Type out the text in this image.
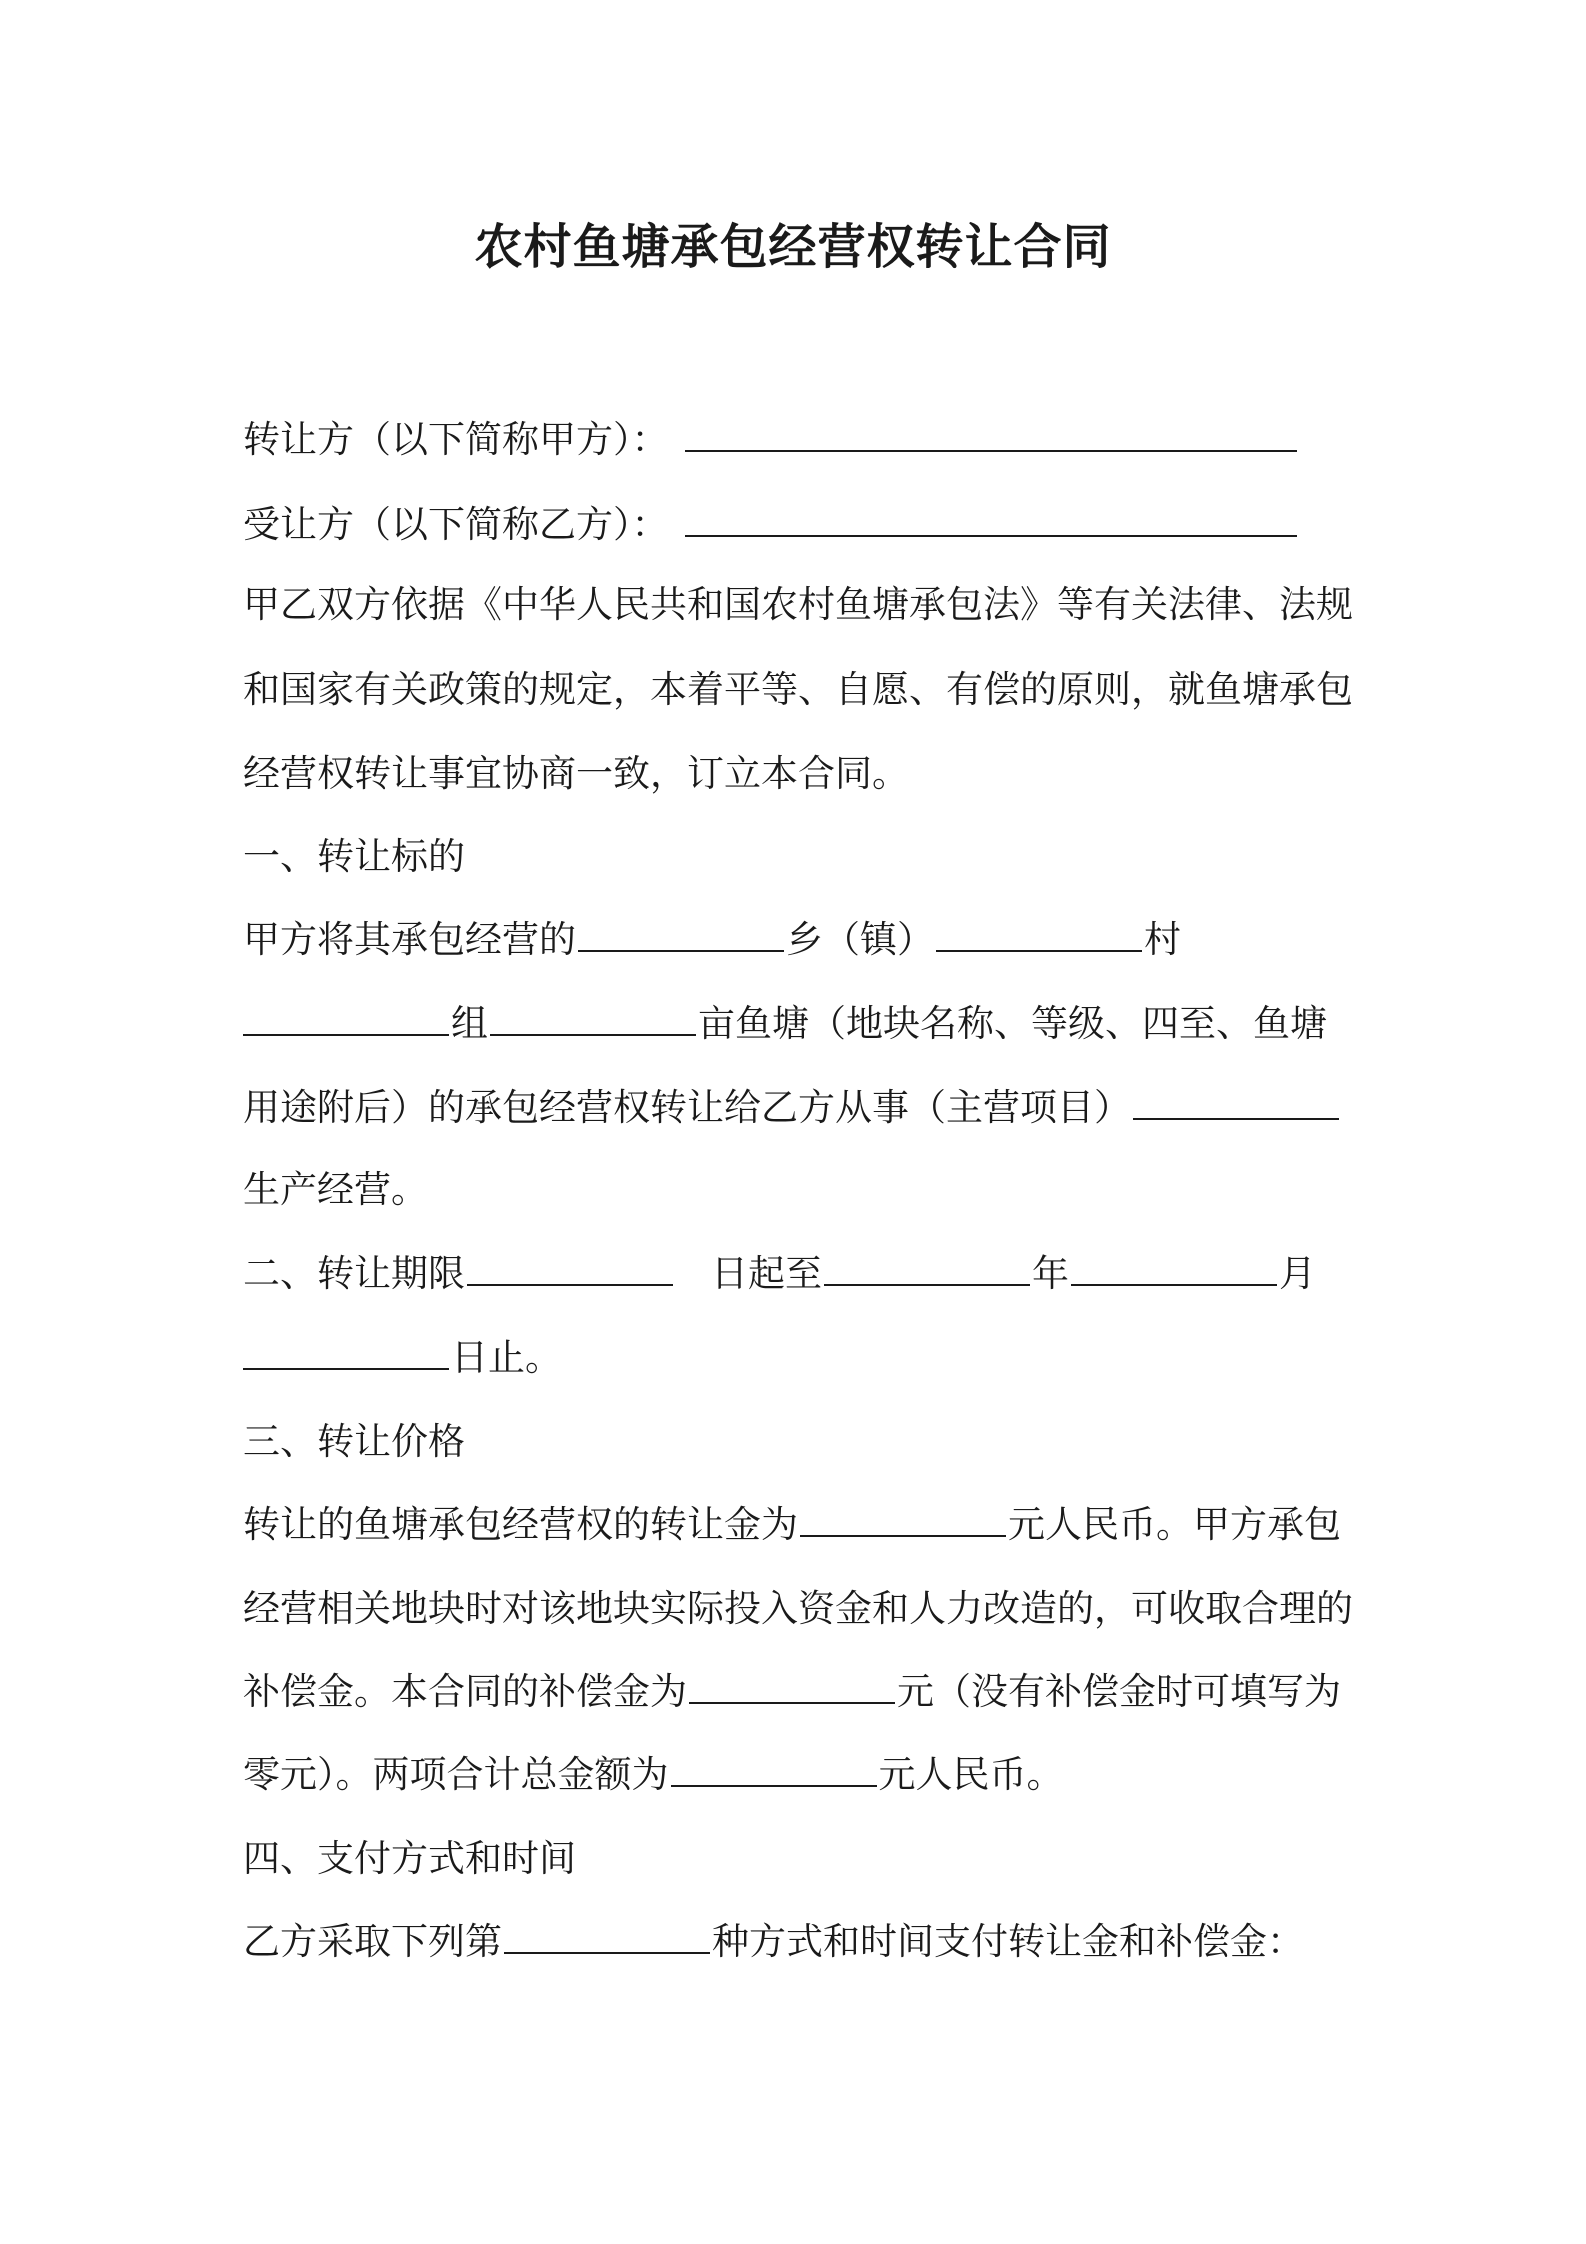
农村鱼塘承包经营权转让合同
转让方（以下简称甲方）：
受让方（以下简称乙方）：
甲乙双方依据《中华人民共和国农村鱼塘承包法》等有关法律、法规
和国家有关政策的规定，本着平等、自愿、有偿的原则，就鱼塘承包
经营权转让事宜协商一致，订立本合同。
一、转让标的
甲方将其承包经营的	乡（镇）	村
组	亩鱼塘（地块名称、等级、四至、鱼塘
用途附后）的承包经营权转让给乙方从事（主营项目）
生产经营。
二、转让期限	日起至	年	月
日止。
三、转让价格
转让的鱼塘承包经营权的转让金为	元人民币。甲方承包
经营相关地块时对该地块实际投入资金和人力改造的，可收取合理的
补偿金。本合同的补偿金为	元（没有补偿金时可填写为
零元）。两项合计总金额为	元人民币。
四、支付方式和时间
乙方采取下列第	种方式和时间支付转让金和补偿金：
